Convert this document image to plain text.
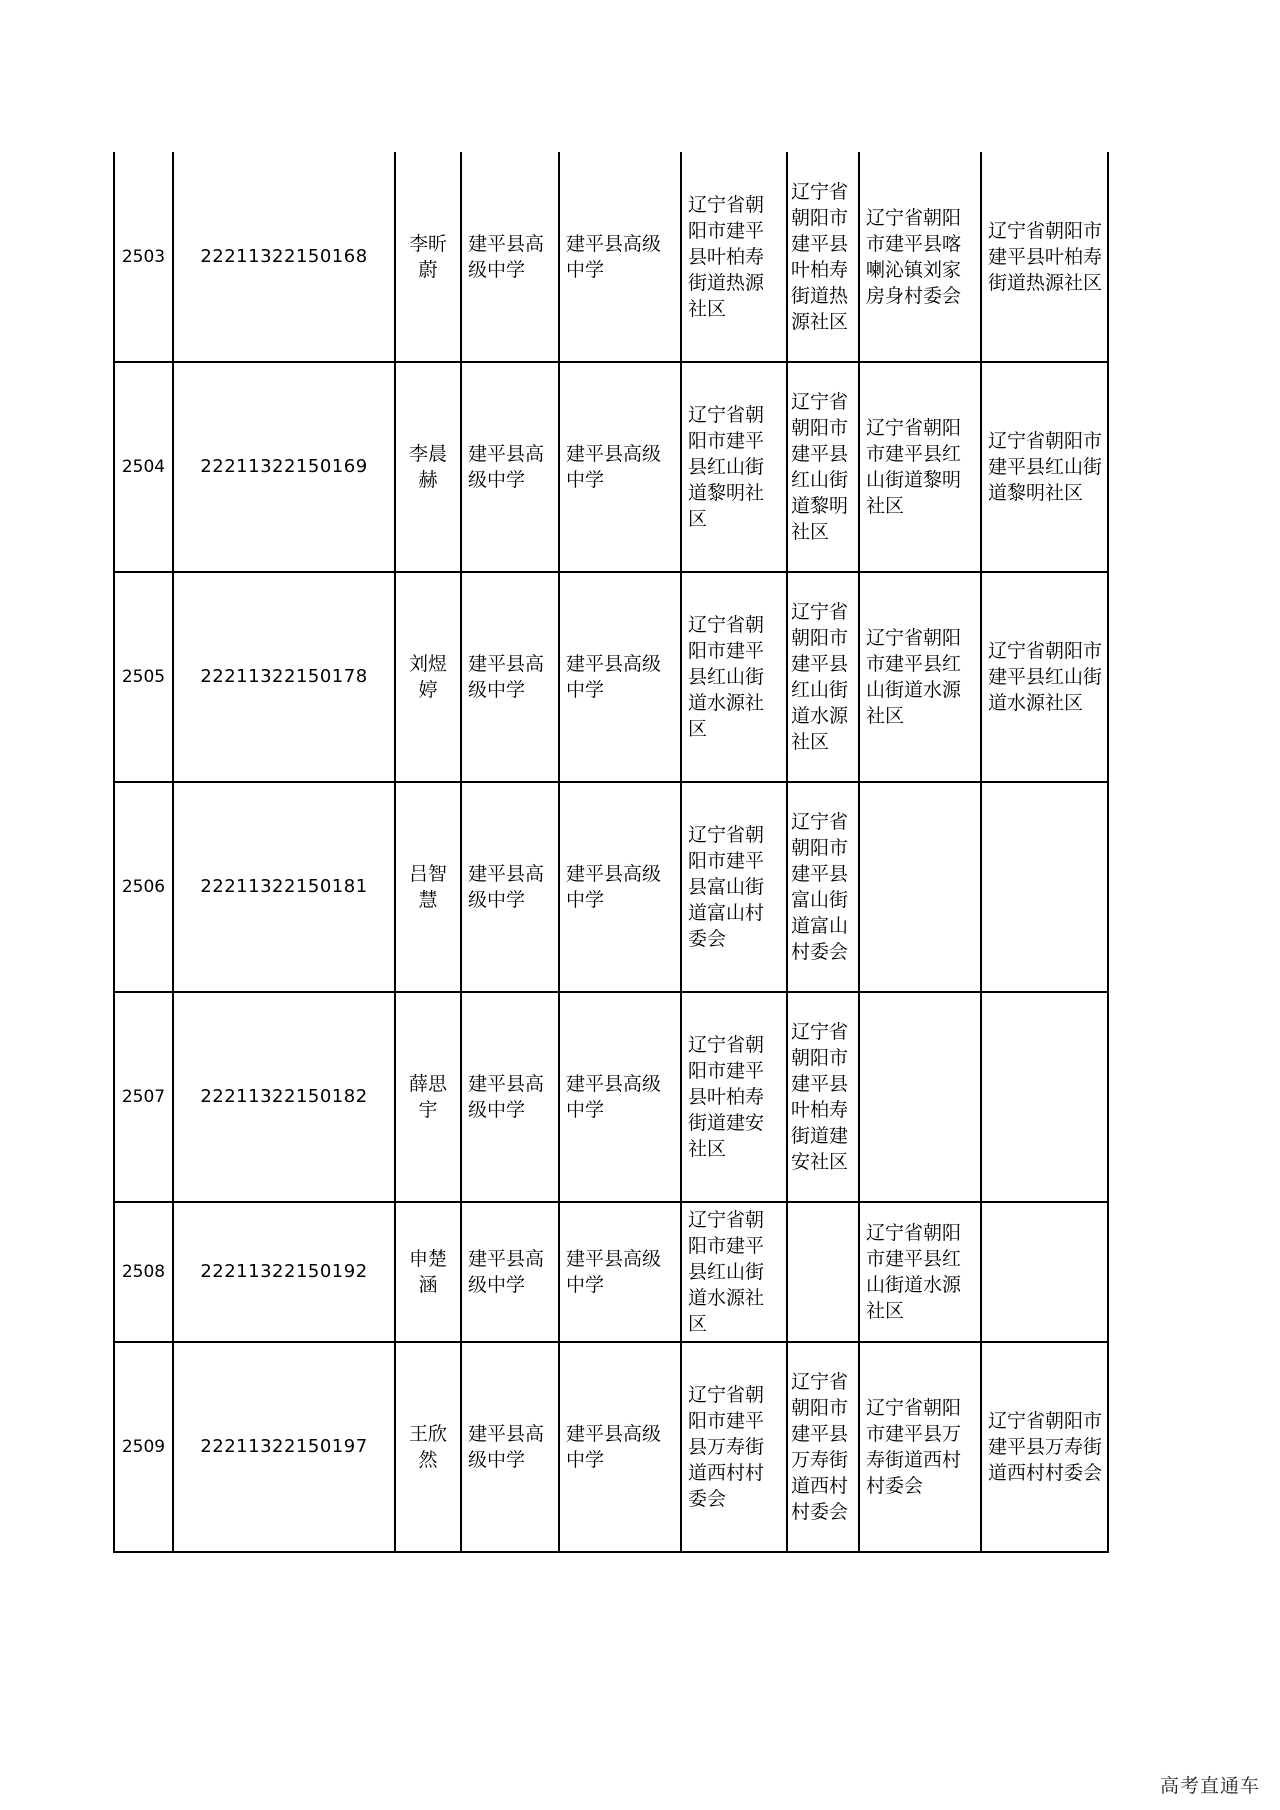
2503	22211322150168	李昕蔚	建平县高级中学	建平县高级中学	辽宁省朝阳市建平县叶柏寿街道热源社区	辽宁省朝阳市建平县叶柏寿街道热源社区	辽宁省朝阳市建平县喀喇沁镇刘家房身村委会	辽宁省朝阳市建平县叶柏寿街道热源社区

2504	22211322150169	李晨赫	建平县高级中学	建平县高级中学	辽宁省朝阳市建平县红山街道黎明社区	辽宁省朝阳市建平县红山街道黎明社区	辽宁省朝阳市建平县红山街道黎明社区	辽宁省朝阳市建平县红山街道黎明社区

2505	22211322150178	刘煜婷	建平县高级中学	建平县高级中学	辽宁省朝阳市建平县红山街道水源社区	辽宁省朝阳市建平县红山街道水源社区	辽宁省朝阳市建平县红山街道水源社区	辽宁省朝阳市建平县红山街道水源社区

2506	22211322150181	吕智慧	建平县高级中学	建平县高级中学	辽宁省朝阳市建平县富山街道富山村委会	辽宁省朝阳市建平县富山街道富山村委会		

2507	22211322150182	薛思宇	建平县高级中学	建平县高级中学	辽宁省朝阳市建平县叶柏寿街道建安社区	辽宁省朝阳市建平县叶柏寿街道建安社区		

2508	22211322150192	申楚涵	建平县高级中学	建平县高级中学	辽宁省朝阳市建平县红山街道水源社区		辽宁省朝阳市建平县红山街道水源社区	

2509	22211322150197	王欣然	建平县高级中学	建平县高级中学	辽宁省朝阳市建平县万寿街道西村村委会	辽宁省朝阳市建平县万寿街道西村村委会	辽宁省朝阳市建平县万寿街道西村村委会	辽宁省朝阳市建平县万寿街道西村村委会
高考直通车
